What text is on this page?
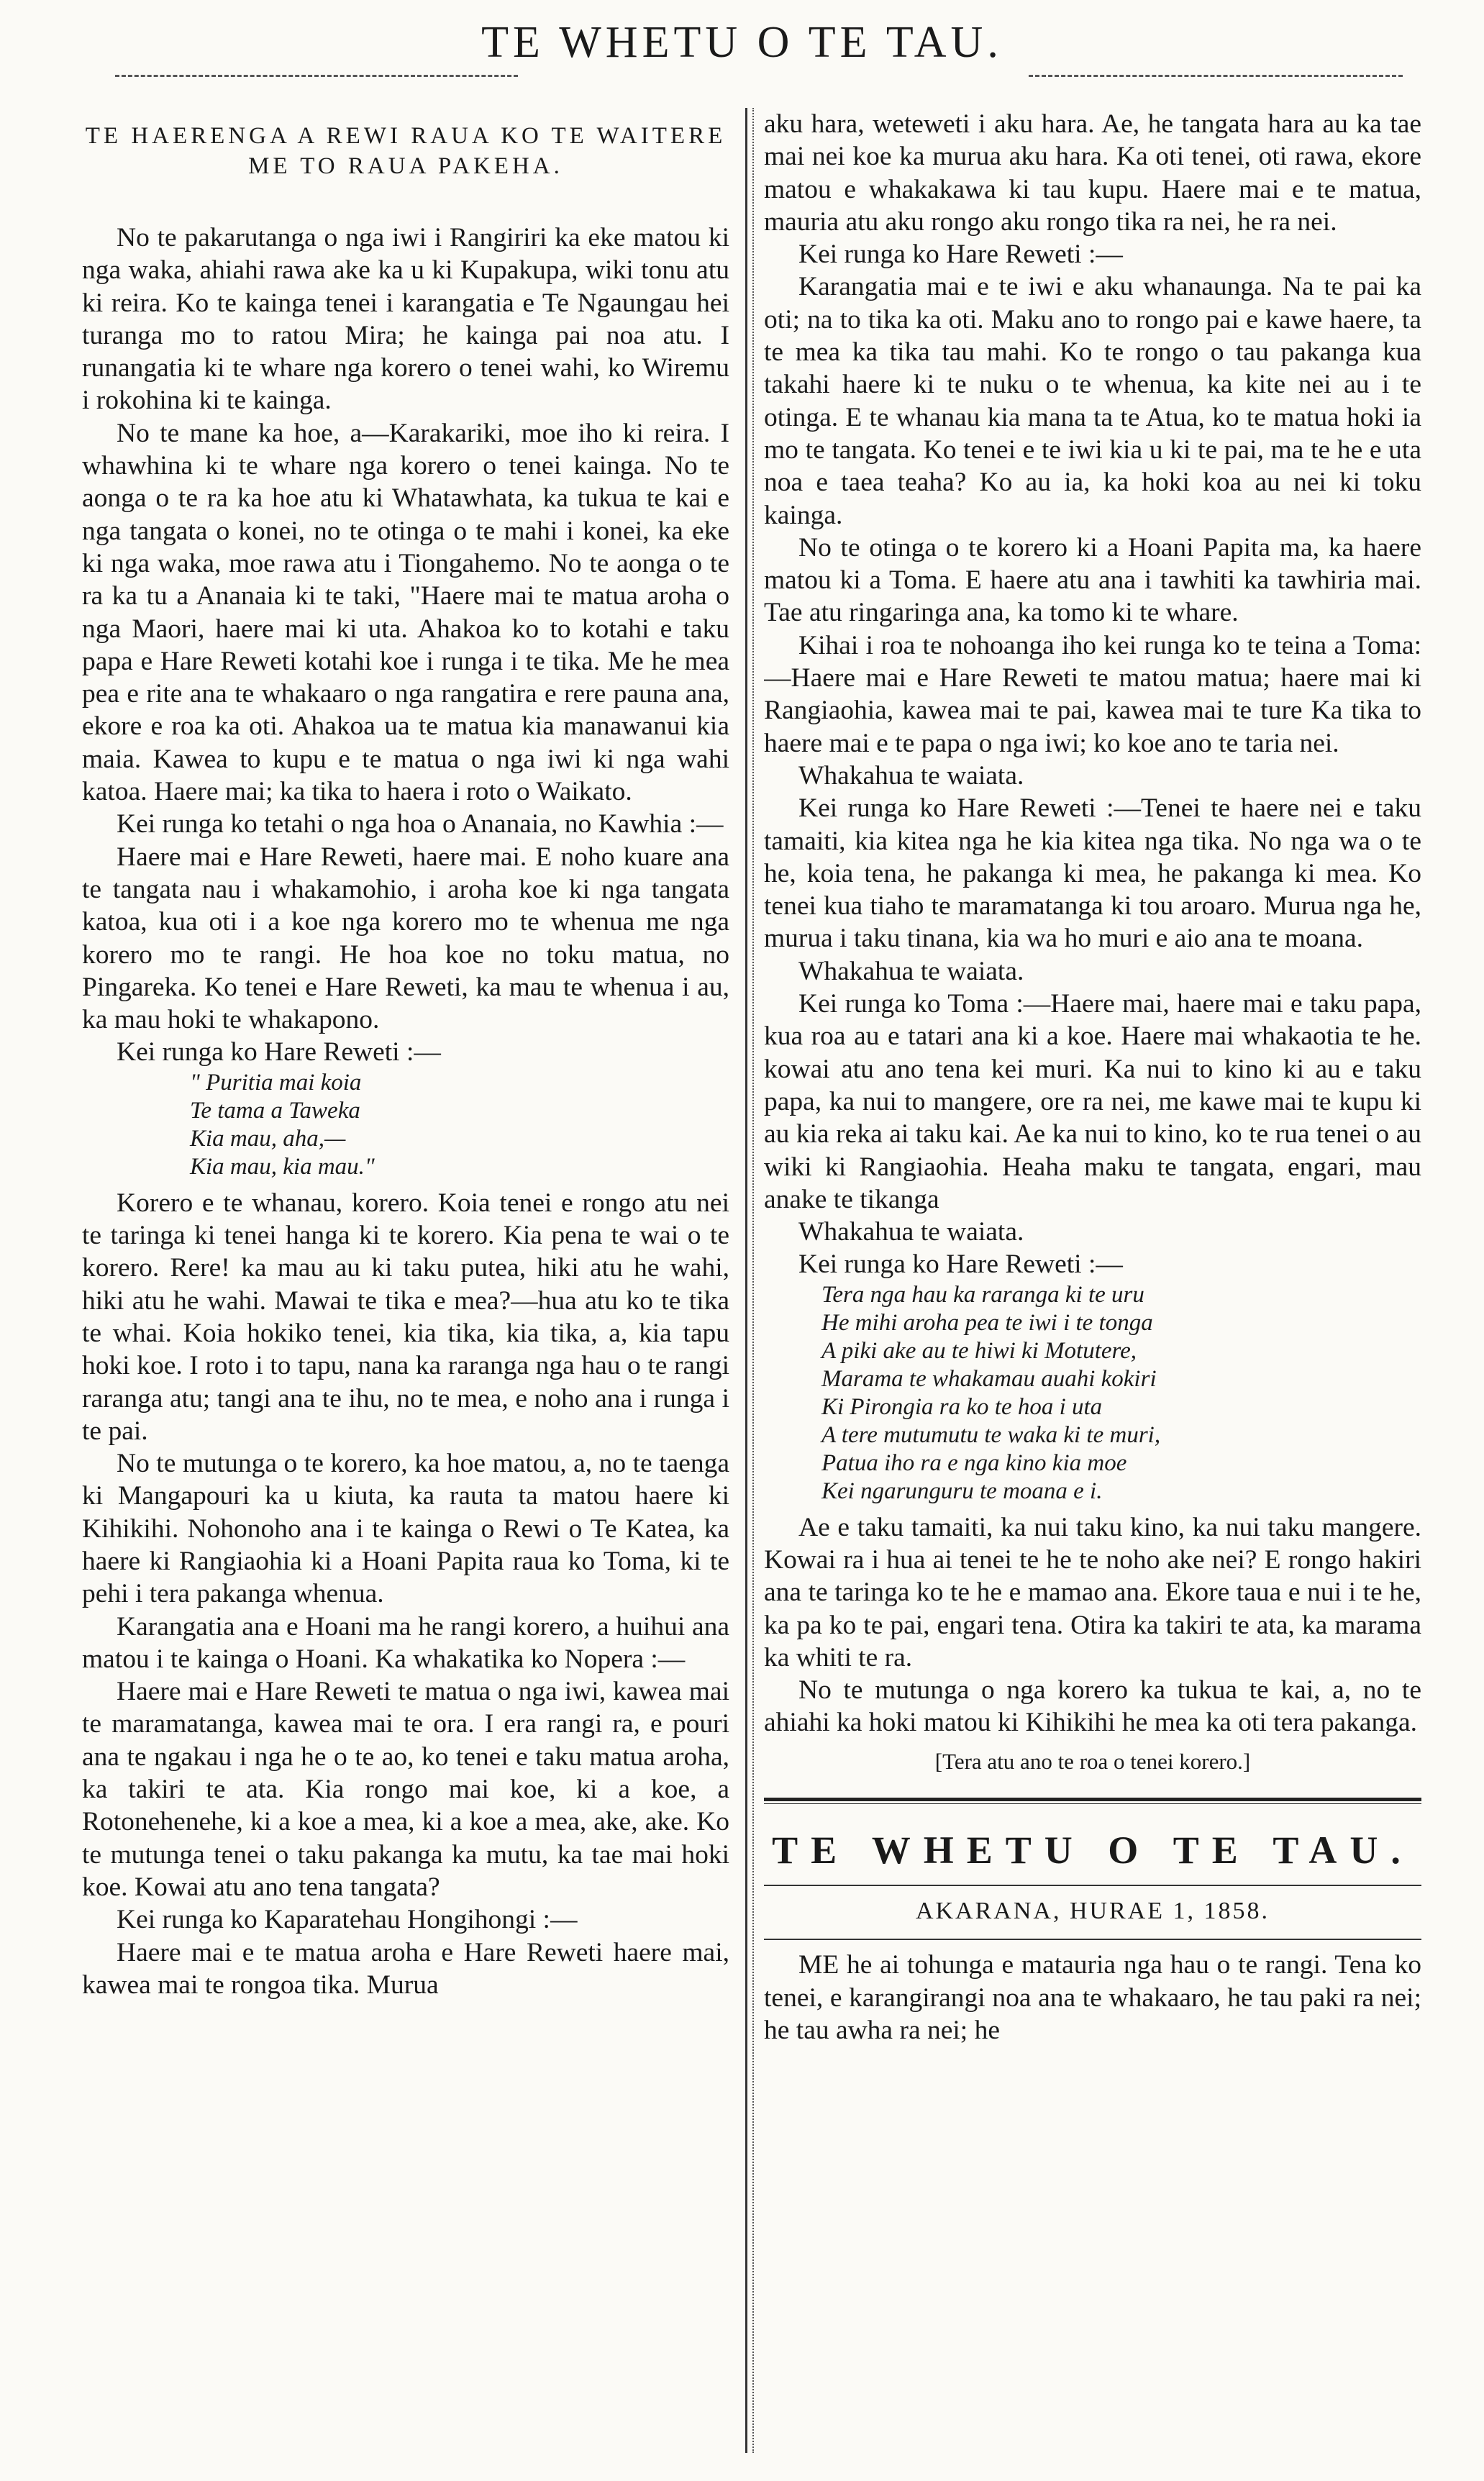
TE WHETU O TE TAU.
TE HAERENGA A REWI RAUA KO TE WAITERE ME TO RAUA PAKEHA.

No te pakarutanga o nga iwi i Rangiriri ka eke matou ki nga waka, ahiahi rawa ake ka u ki Kupakupa, wiki tonu atu ki reira. Ko te kainga tenei i karangatia e Te Ngaungau hei turanga mo to ratou Mira; he kainga pai noa atu. I runangatia ki te whare nga korero o tenei wahi, ko Wiremu i rokohina ki te kainga.

No te mane ka hoe, a—Karakariki, moe iho ki reira. I whawhina ki te whare nga korero o tenei kainga. No te aonga o te ra ka hoe atu ki Whatawhata, ka tukua te kai e nga tangata o konei, no te otinga o te mahi i konei, ka eke ki nga waka, moe rawa atu i Tiongahemo. No te aonga o te ra ka tu a Ananaia ki te taki, "Haere mai te matua aroha o nga Maori, haere mai ki uta. Ahakoa ko to kotahi e taku papa e Hare Reweti kotahi koe i runga i te tika. Me he mea pea e rite ana te whakaaro o nga rangatira e rere pauna ana, ekore e roa ka oti. Ahakoa ua te matua kia manawanui kia maia. Kawea to kupu e te matua o nga iwi ki nga wahi katoa. Haere mai; ka tika to haera i roto o Waikato.

Kei runga ko tetahi o nga hoa o Ananaia, no Kawhia :—

Haere mai e Hare Reweti, haere mai. E noho kuare ana te tangata nau i whakamohio, i aroha koe ki nga tangata katoa, kua oti i a koe nga korero mo te whenua me nga korero mo te rangi. He hoa koe no toku matua, no Pingareka. Ko tenei e Hare Reweti, ka mau te whenua i au, ka mau hoki te whakapono.

Kei runga ko Hare Reweti :—

" Puritia mai koia
Te tama a Taweka
Kia mau, aha,—
Kia mau, kia mau."

Korero e te whanau, korero. Koia tenei e rongo atu nei te taringa ki tenei hanga ki te korero. Kia pena te wai o te korero. Rere! ka mau au ki taku putea, hiki atu he wahi, hiki atu he wahi. Mawai te tika e mea?—hua atu ko te tika te whai. Koia hokiko tenei, kia tika, kia tika, a, kia tapu hoki koe. I roto i to tapu, nana ka raranga nga hau o te rangi raranga atu; tangi ana te ihu, no te mea, e noho ana i runga i te pai.

No te mutunga o te korero, ka hoe matou, a, no te taenga ki Mangapouri ka u kiuta, ka rauta ta matou haere ki Kihikihi. Nohonoho ana i te kainga o Rewi o Te Katea, ka haere ki Rangiaohia ki a Hoani Papita raua ko Toma, ki te pehi i tera pakanga whenua.

Karangatia ana e Hoani ma he rangi korero, a huihui ana matou i te kainga o Hoani. Ka whakatika ko Nopera :—

Haere mai e Hare Reweti te matua o nga iwi, kawea mai te maramatanga, kawea mai te ora. I era rangi ra, e pouri ana te ngakau i nga he o te ao, ko tenei e taku matua aroha, ka takiri te ata. Kia rongo mai koe, ki a koe, a Rotonehenehe, ki a koe a mea, ki a koe a mea, ake, ake. Ko te mutunga tenei o taku pakanga ka mutu, ka tae mai hoki koe. Kowai atu ano tena tangata?

Kei runga ko Kaparatehau Hongihongi :—

Haere mai e te matua aroha e Hare Reweti haere mai, kawea mai te rongoa tika. Murua

aku hara, weteweti i aku hara. Ae, he tangata hara au ka tae mai nei koe ka murua aku hara. Ka oti tenei, oti rawa, ekore matou e whakakawa ki tau kupu. Haere mai e te matua, mauria atu aku rongo aku rongo tika ra nei, he ra nei.

Kei runga ko Hare Reweti :—

Karangatia mai e te iwi e aku whanaunga. Na te pai ka oti; na to tika ka oti. Maku ano to rongo pai e kawe haere, ta te mea ka tika tau mahi. Ko te rongo o tau pakanga kua takahi haere ki te nuku o te whenua, ka kite nei au i te otinga. E te whanau kia mana ta te Atua, ko te matua hoki ia mo te tangata. Ko tenei e te iwi kia u ki te pai, ma te he e uta noa e taea teaha? Ko au ia, ka hoki koa au nei ki toku kainga.

No te otinga o te korero ki a Hoani Papita ma, ka haere matou ki a Toma. E haere atu ana i tawhiti ka tawhiria mai. Tae atu ringaringa ana, ka tomo ki te whare.

Kihai i roa te nohoanga iho kei runga ko te teina a Toma:—Haere mai e Hare Reweti te matou matua; haere mai ki Rangiaohia, kawea mai te pai, kawea mai te ture Ka tika to haere mai e te papa o nga iwi; ko koe ano te taria nei.

Whakahua te waiata.

Kei runga ko Hare Reweti :—Tenei te haere nei e taku tamaiti, kia kitea nga he kia kitea nga tika. No nga wa o te he, koia tena, he pakanga ki mea, he pakanga ki mea. Ko tenei kua tiaho te maramatanga ki tou aroaro. Murua nga he, murua i taku tinana, kia wa ho muri e aio ana te moana.

Whakahua te waiata.

Kei runga ko Toma :—Haere mai, haere mai e taku papa, kua roa au e tatari ana ki a koe. Haere mai whakaotia te he. kowai atu ano tena kei muri. Ka nui to kino ki au e taku papa, ka nui to mangere, ore ra nei, me kawe mai te kupu ki au kia reka ai taku kai. Ae ka nui to kino, ko te rua tenei o au wiki ki Rangiaohia. Heaha maku te tangata, engari, mau anake te tikanga

Whakahua te waiata.

Kei runga ko Hare Reweti :—

Tera nga hau ka raranga ki te uru
He mihi aroha pea te iwi i te tonga
A piki ake au te hiwi ki Motutere,
Marama te whakamau auahi kokiri
Ki Pirongia ra ko te hoa i uta
A tere mutumutu te waka ki te muri,
Patua iho ra e nga kino kia moe
Kei ngarunguru te moana e i.

Ae e taku tamaiti, ka nui taku kino, ka nui taku mangere. Kowai ra i hua ai tenei te he te noho ake nei? E rongo hakiri ana te taringa ko te he e mamao ana. Ekore taua e nui i te he, ka pa ko te pai, engari tena. Otira ka takiri te ata, ka marama ka whiti te ra.

No te mutunga o nga korero ka tukua te kai, a, no te ahiahi ka hoki matou ki Kihikihi he mea ka oti tera pakanga.

[Tera atu ano te roa o tenei korero.]
TE WHETU O TE TAU.
AKARANA, HURAE 1, 1858.

ME he ai tohunga e matauria nga hau o te rangi. Tena ko tenei, e karangirangi noa ana te whakaaro, he tau paki ra nei; he tau awha ra nei; he
